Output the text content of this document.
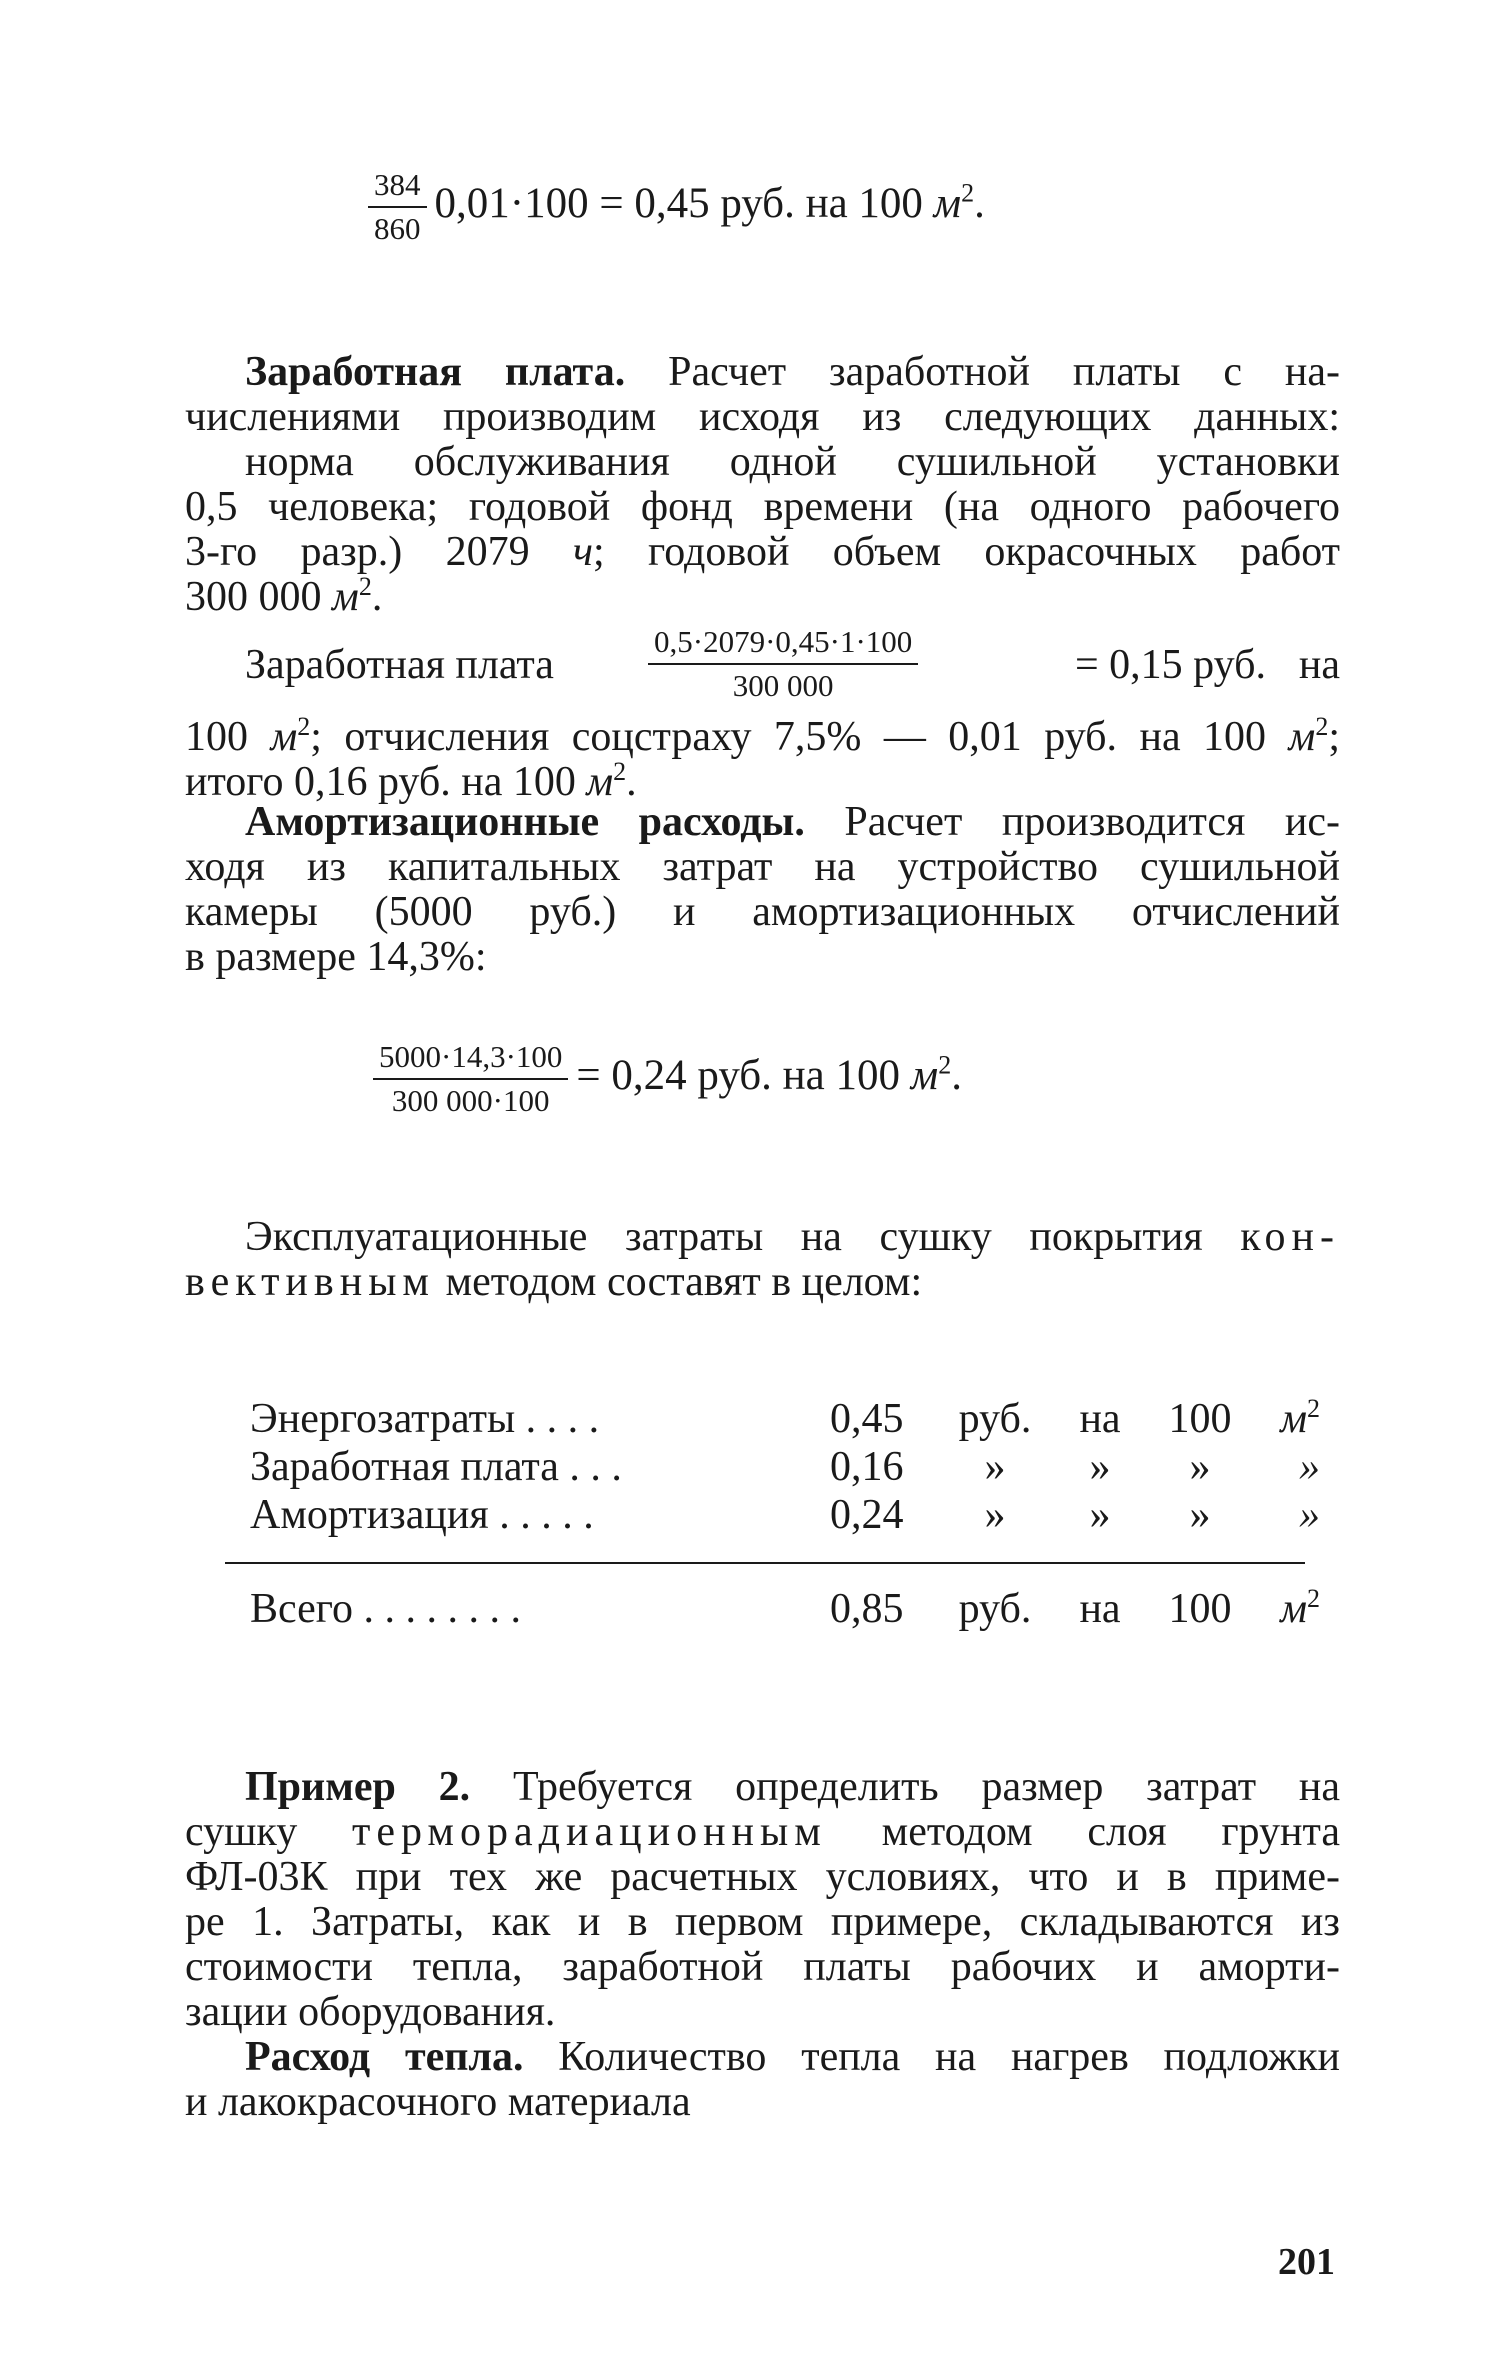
$\frac{384}{860} 0,01\cdot 100 = 0,45$ руб. на 100 $м^2$.
Заработная плата. Расчет заработной платы с на-
числениями производим исходя из следующих данных:
норма обслуживания одной сушильной установки
0,5 человека; годовой фонд времени (на одного рабочего
3-го разр.) 2079 ч; годовой объем окрасочных работ
300 000 $м^2$.
Заработная плата	$\frac{0,5\cdot 2079\cdot 0,45\cdot 1\cdot 100}{300 000}$	= 0,15 руб. на
100 $м^2$; отчисления соцстраху 7,5% — 0,01 руб. на 100 $м^2$;
итого 0,16 руб. на 100 $м^2$.
Амортизационные расходы. Расчет производится ис-
ходя из капитальных затрат на устройство сушильной
камеры (5000 руб.) и амортизационных отчислений
в размере 14,3%:
$\frac{5000\cdot 14,3\cdot 100}{300 000\cdot 100} = 0,24$ руб. на 100 $м^2$.
Эксплуатационные затраты на сушку покрытия кон-
вективным методом составят в целом:
Энергозатраты . . . .	0,45	руб.	на	100	$м^2$
Заработная плата . . .	0,16	»	»	»	»
Амортизация . . . . .	0,24	»	»	»	»
Всего . . . . . . . .	0,85	руб.	на	100	$м^2$
Пример 2. Требуется определить размер затрат на
сушку терморадиационным методом слоя грунта
ФЛ-03К при тех же расчетных условиях, что и в приме-
ре 1. Затраты, как и в первом примере, складываются из
стоимости тепла, заработной платы рабочих и аморти-
зации оборудования.
Расход тепла. Количество тепла на нагрев подложки
и лакокрасочного материала
201
